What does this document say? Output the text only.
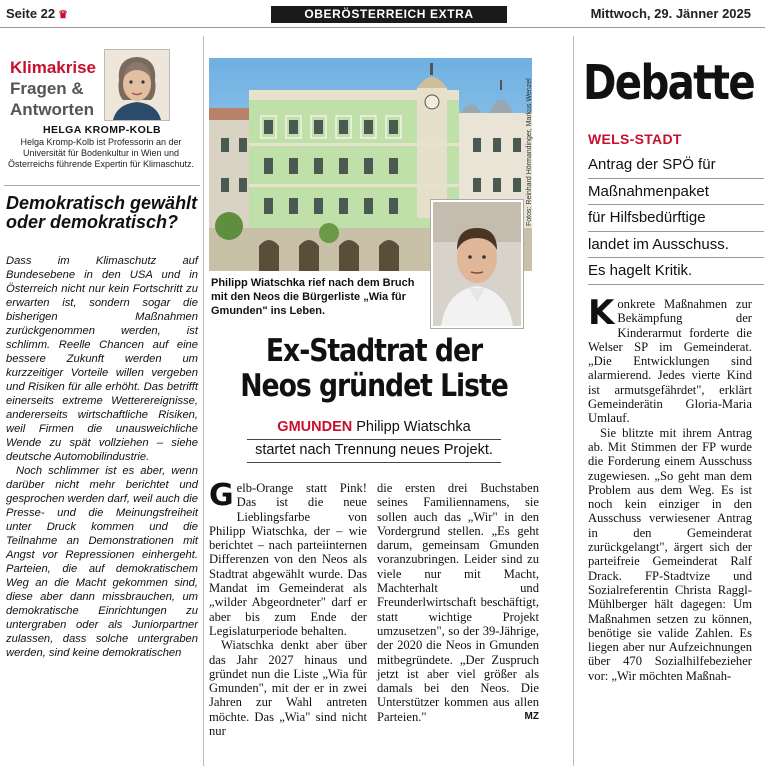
Seite 22 ♛	OBERÖSTERREICH EXTRA	Mittwoch, 29. Jänner 2025
Klimakrise
Fragen &
Antworten
HELGA KROMP-KOLB
Helga Kromp-Kolb ist Professorin an der Universität für Bodenkultur in Wien und Österreichs führende Expertin für Klimaschutz.
Demokratisch gewählt oder demokratisch?

Dass im Klimaschutz auf Bundesebene in den USA und in Österreich nicht nur kein Fortschritt zu erwarten ist, sondern sogar die bisherigen Maßnahmen zurückgenommen werden, ist schlimm. Reelle Chancen auf eine bessere Zukunft werden um kurzzeitiger Vorteile willen vergeben und Risiken für alle erhöht. Das betrifft einerseits extreme Wetterereignisse, andererseits wirtschaftliche Risiken, weil Firmen die unausweichliche Wende zu spät vollziehen – siehe deutsche Automobilindustrie.

Noch schlimmer ist es aber, wenn darüber nicht mehr berichtet und gesprochen werden darf, weil auch die Presse- und die Meinungsfreiheit unter Druck kommen und die Teilnahme an Demonstrationen mit Angst vor Repressionen einhergeht. Parteien, die auf demokratischem Weg an die Macht gekommen sind, diese aber dann missbrauchen, um demokratische Einrichtungen zu untergraben oder als Juniorpartner zulassen, dass solche untergraben werden, sind keine demokratischen

Fotos: Reinhard Hörmandinger, Markus Wenzel
Philipp Wiatschka rief nach dem Bruch mit den Neos die Bürgerliste „Wia für Gmunden" ins Leben.
Ex-Stadtrat der
Neos gründet Liste
GMUNDEN Philipp Wiatschka
startet nach Trennung neues Projekt.

Gelb-Orange statt Pink! Das ist die neue Lieblingsfarbe von Philipp Wiatschka, der – wie berichtet – nach parteiinternen Differenzen von den Neos als Stadtrat abgewählt wurde. Das Mandat im Gemeinderat als „wilder Abgeordneter" darf er aber bis zum Ende der Legislaturperiode behalten.

Wiatschka denkt aber über das Jahr 2027 hinaus und gründet nun die Liste „Wia für Gmunden", mit der er in zwei Jahren zur Wahl antreten möchte. Das „Wia" sind nicht nur

die ersten drei Buchstaben seines Familiennamens, sie sollen auch das „Wir" in den Vordergrund stellen. „Es geht darum, gemeinsam Gmunden voranzubringen. Leider sind zu viele nur mit Macht, Machterhalt und Freunderlwirtschaft beschäftigt, statt wichtige Projekt umzusetzen", so der 39-Jährige, der 2020 die Neos in Gmunden mitbegründete. „Der Zuspruch jetzt ist aber viel größer als damals bei den Neos. Die Unterstützer kommen aus allen Parteien."	MZ

Debatte
WELS-STADT
Antrag der SPÖ für
Maßnahmenpaket
für Hilfsbedürftige
landet im Ausschuss.
Es hagelt Kritik.

Konkrete Maßnahmen zur Bekämpfung der Kinderarmut forderte die Welser SP im Gemeinderat. „Die Entwicklungen sind alarmierend. Jedes vierte Kind ist armutsgefährdet", erklärt Gemeinderätin Gloria-Maria Umlauf.

Sie blitzte mit ihrem Antrag ab. Mit Stimmen der FP wurde die Forderung einem Ausschuss zugewiesen. „So geht man dem Problem aus dem Weg. Es ist noch kein einziger in den Ausschuss verwiesener Antrag in den Gemeinderat zurückgelangt", ärgert sich der parteifreie Gemeinderat Ralf Drack. FP-Stadtvize und Sozialreferentin Christa Raggl-Mühlberger hält dagegen: Um Maßnahmen setzen zu können, benötige sie valide Zahlen. Es liegen aber nur Aufzeichnungen über 470 Sozialhilfebezieher vor: „Wir möchten Maßnah-
